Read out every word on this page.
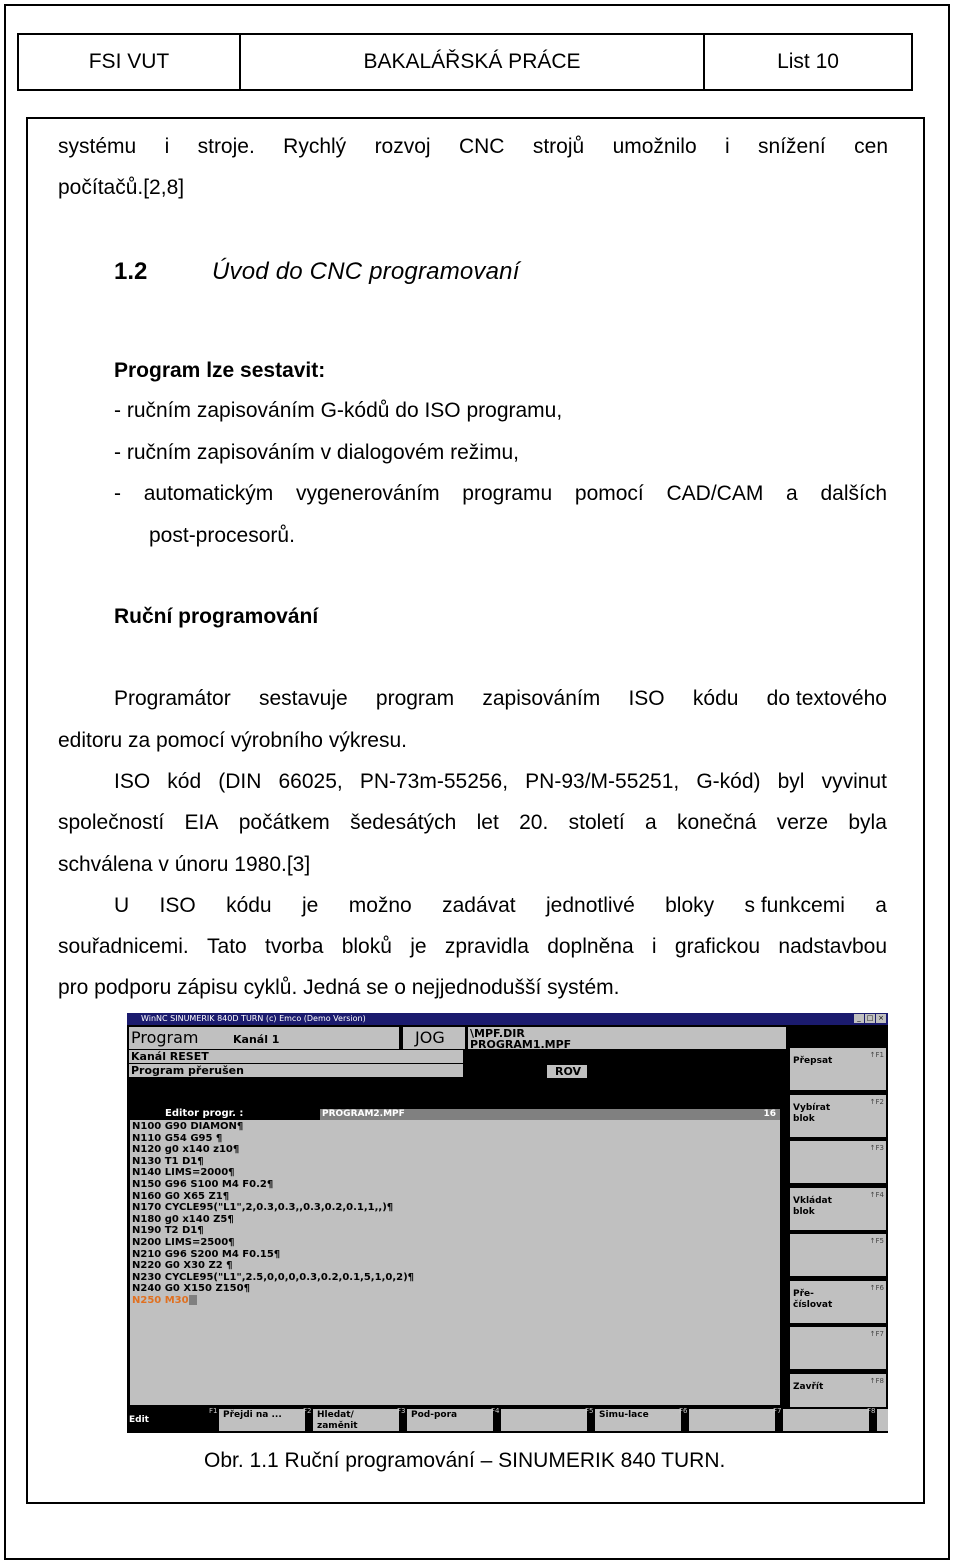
FSI VUT	BAKALÁŘSKÁ PRÁCE	List 10
systému i stroje. Rychlý rozvoj CNC strojů umožnilo i snížení cen
počítačů.[2,8]
1.2	Úvod do CNC programovaní
Program lze sestavit:
- ručním zapisováním G-kódů do ISO programu,
- ručním zapisováním v dialogovém režimu,
- automatickým vygenerováním programu pomocí CAD/CAM a dalších
post-procesorů.
Ruční programování
Programátor sestavuje program zapisováním ISO kódu do textového
editoru za pomocí výrobního výkresu.
ISO kód (DIN 66025, PN-73m-55256, PN-93/M-55251, G-kód) byl vyvinut
společností EIA počátkem šedesátých let 20. století a konečná verze byla
schválena v únoru 1980.[3]
U ISO kódu je možno zadávat jednotlivé bloky s funkcemi a
souřadnicemi. Tato tvorba bloků je zpravidla doplněna i grafickou nadstavbou
pro podporu zápisu cyklů. Jedná se o nejjednodušší systém.
WinNC SINUMERIK 840D TURN (c) Emco (Demo Version)	_ □ ×
Program	Kanál 1	JOG \MPF.DIR
PROGRAM1.MPF
Kanál RESET
Program přerušen	ROV
Editor progr. :	PROGRAM2.MPF	16
N100 G90 DIAMON¶
N110 G54 G95 ¶
N120 g0 x140 z10¶
N130 T1 D1¶
N140 LIMS=2000¶
N150 G96 S100 M4 F0.2¶
N160 G0 X65 Z1¶
N170 CYCLE95("L1",2,0.3,0.3,,0.3,0.2,0.1,1,,)¶
N180 g0 x140 Z5¶
N190 T2 D1¶
N200 LIMS=2500¶
N210 G96 S200 M4 F0.15¶
N220 G0 X30 Z2 ¶
N230 CYCLE95("L1",2.5,0,0,0,0.3,0.2,0.1,5,1,0,2)¶
N240 G0 X150 Z150¶
N250 M30
Přepsat
↑F1
Vybírat blok
↑F2
↑F3
Vkládat blok
↑F4
↑F5
Pře-číslovat
↑F6
↑F7
Zavřít
↑F8
Edit	Přejdi na ...
F1	Hledat/ zaměnit
F2	Pod-pora
F3	F4	Simu-lace
F5	F6	F7	F8
Obr. 1.1 Ruční programování – SINUMERIK 840 TURN.
